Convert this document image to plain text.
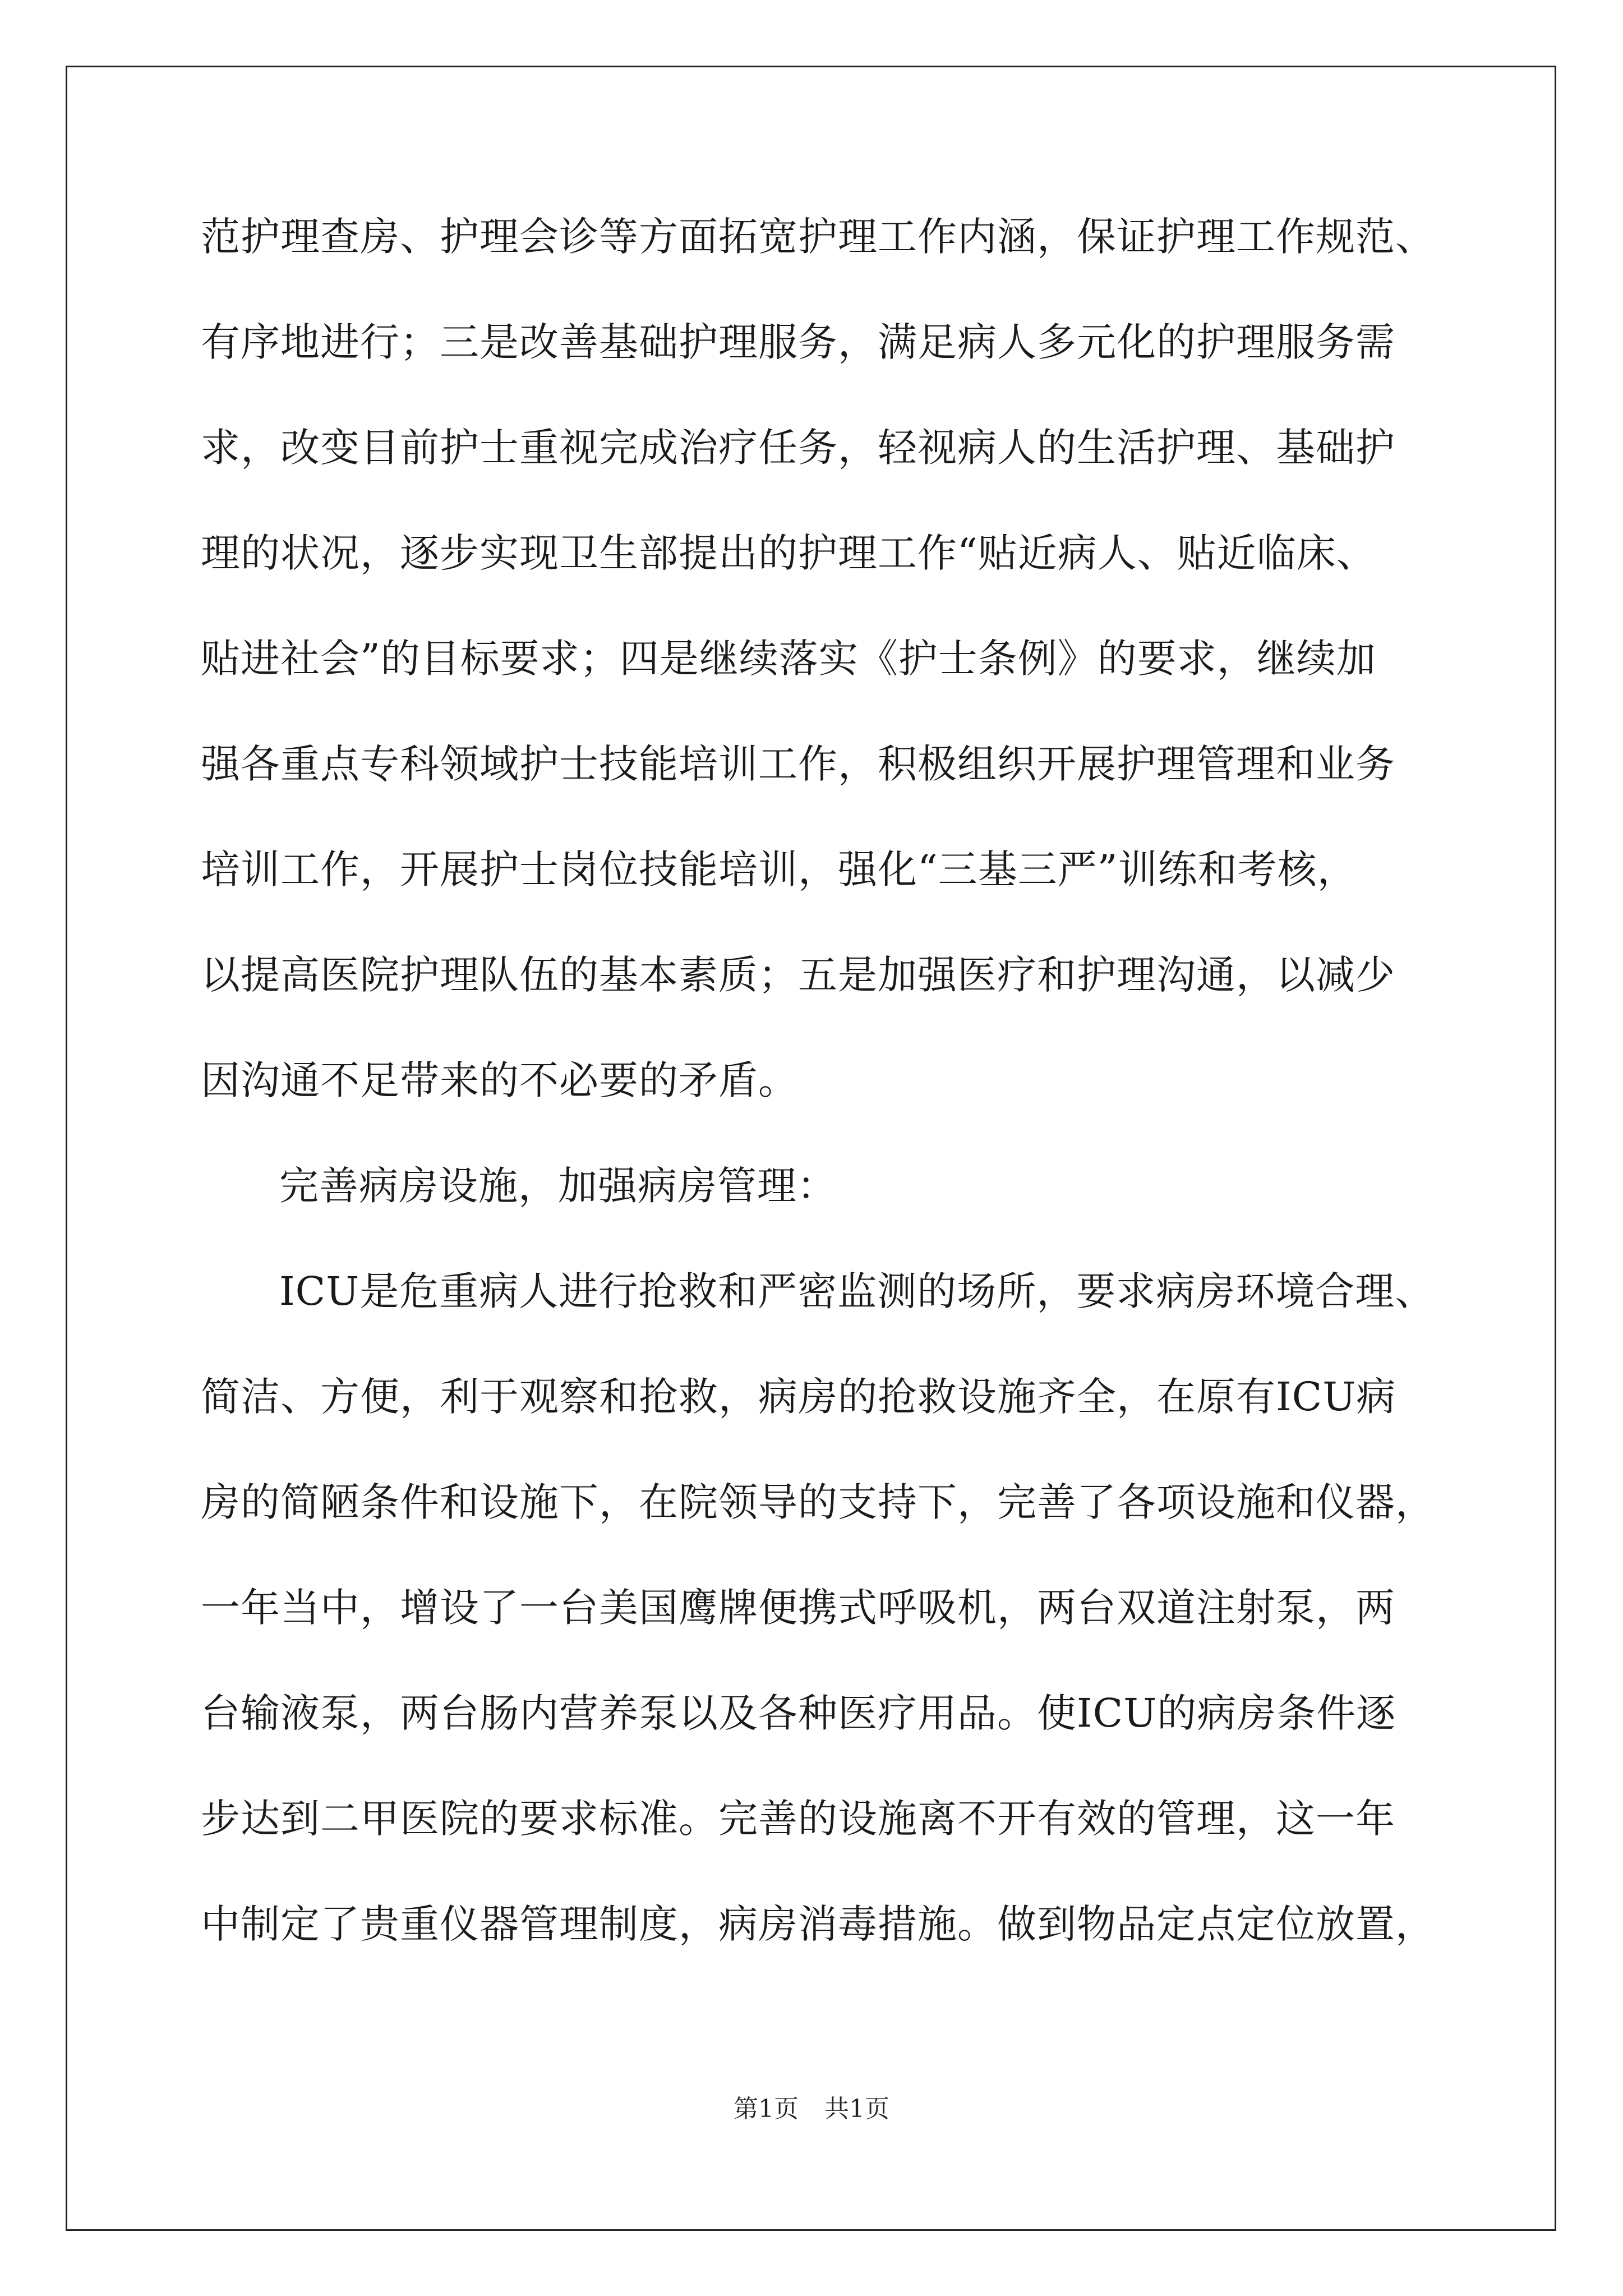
范护理查房、护理会诊等方面拓宽护理工作内涵，保证护理工作规范、
有序地进行；三是改善基础护理服务，满足病人多元化的护理服务需
求，改变目前护士重视完成治疗任务，轻视病人的生活护理、基础护
理的状况，逐步实现卫生部提出的护理工作“贴近病人、贴近临床、
贴进社会”的目标要求；四是继续落实《护士条例》的要求，继续加
强各重点专科领域护士技能培训工作，积极组织开展护理管理和业务
培训工作，开展护士岗位技能培训，强化“三基三严”训练和考核，
以提高医院护理队伍的基本素质；五是加强医疗和护理沟通，以减少
因沟通不足带来的不必要的矛盾。
完善病房设施，加强病房管理：
ICU是危重病人进行抢救和严密监测的场所，要求病房环境合理、
简洁、方便，利于观察和抢救，病房的抢救设施齐全，在原有ICU病
房的简陋条件和设施下，在院领导的支持下，完善了各项设施和仪器，
一年当中，增设了一台美国鹰牌便携式呼吸机，两台双道注射泵，两
台输液泵，两台肠内营养泵以及各种医疗用品。使ICU的病房条件逐
步达到二甲医院的要求标准。完善的设施离不开有效的管理，这一年
中制定了贵重仪器管理制度，病房消毒措施。做到物品定点定位放置，
第1页 共1页
